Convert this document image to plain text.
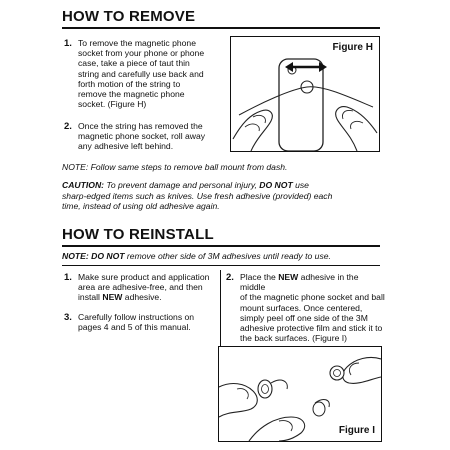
HOW TO REMOVE
1. To remove the magnetic phone
socket from your phone or phone
case, take a piece of taut thin
string and carefully use back and
forth motion of the string to
remove the magnetic phone
socket. (Figure H)
2. Once the string has removed the
magnetic phone socket, roll away
any adhesive left behind.
Figure H
NOTE: Follow same steps to remove ball mount from dash.
CAUTION: To prevent damage and personal injury, DO NOT use
sharp-edged items such as knives. Use fresh adhesive (provided) each
time, instead of using old adhesive again.
HOW TO REINSTALL
NOTE: DO NOT remove other side of 3M adhesives until ready to use.
1. Make sure product and application
area are adhesive-free, and then
install NEW adhesive.
3. Carefully follow instructions on
pages 4 and 5 of this manual.
2. Place the NEW adhesive in the middle
of the magnetic phone socket and ball
mount surfaces. Once centered,
simply peel off one side of the 3M
adhesive protective film and stick it to
the back surfaces. (Figure I)
Figure I
